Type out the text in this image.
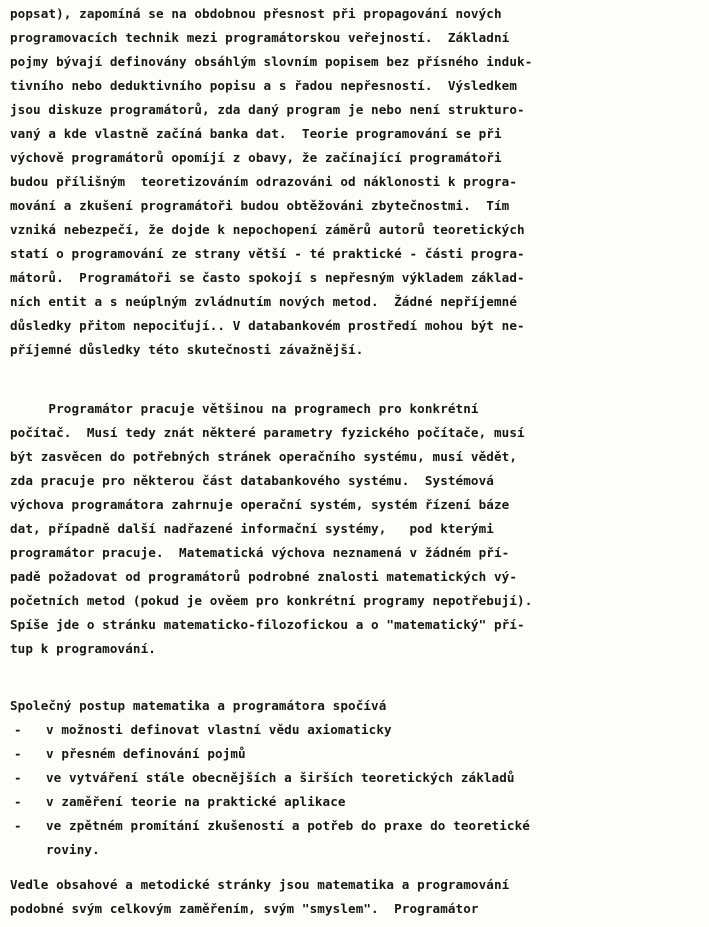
popsat), zapomíná se na obdobnou přesnost při propagování nových
programovacích technik mezi programátorskou veřejností.  Základní
pojmy bývají definovány obsáhlým slovním popisem bez přísného induk-
tivního nebo deduktivního popisu a s řadou nepřesností.  Výsledkem
jsou diskuze programátorů, zda daný program je nebo není strukturo-
vaný a kde vlastně začíná banka dat.  Teorie programování se při
výchově programátorů opomíjí z obavy, že začínající programátoři
budou přílišným  teoretizováním odrazováni od náklonosti k progra-
mování a zkušení programátoři budou obtěžováni zbytečnostmi.  Tím
vzniká nebezpečí, že dojde k nepochopení záměrů autorů teoretických
statí o programování ze strany větší - té praktické - části progra-
mátorů.  Programátoři se často spokojí s nepřesným výkladem základ-
ních entit a s neúplným zvládnutím nových metod.  Žádné nepříjemné
důsledky přitom nepociťují.. V databankovém prostředí mohou být ne-
příjemné důsledky této skutečnosti závažnější.
Programátor pracuje většinou na programech pro konkrétní
počítač.  Musí tedy znát některé parametry fyzického počítače, musí
být zasvěcen do potřebných stránek operačního systému, musí vědět,
zda pracuje pro některou část databankového systému.  Systémová
výchova programátora zahrnuje operační systém, systém řízení báze
dat, případně další nadřazené informační systémy,   pod kterými
programátor pracuje.  Matematická výchova neznamená v žádném pří-
padě požadovat od programátorů podrobné znalosti matematických vý-
početních metod (pokud je ověem pro konkrétní programy nepotřebují).
Spíše jde o stránku matematicko-filozofickou a o "matematický" pří-
tup k programování.
Společný postup matematika a programátora spočívá
- v možnosti definovat vlastní vědu axiomaticky
- v přesném definování pojmů
- ve vytváření stále obecnějších a širších teoretických základů
- v zaměření teorie na praktické aplikace
- ve zpětném promítání zkušeností a potřeb do praxe do teoretické
roviny.
Vedle obsahové a metodické stránky jsou matematika a programování
podobné svým celkovým zaměřením, svým "smyslem".  Programátor
